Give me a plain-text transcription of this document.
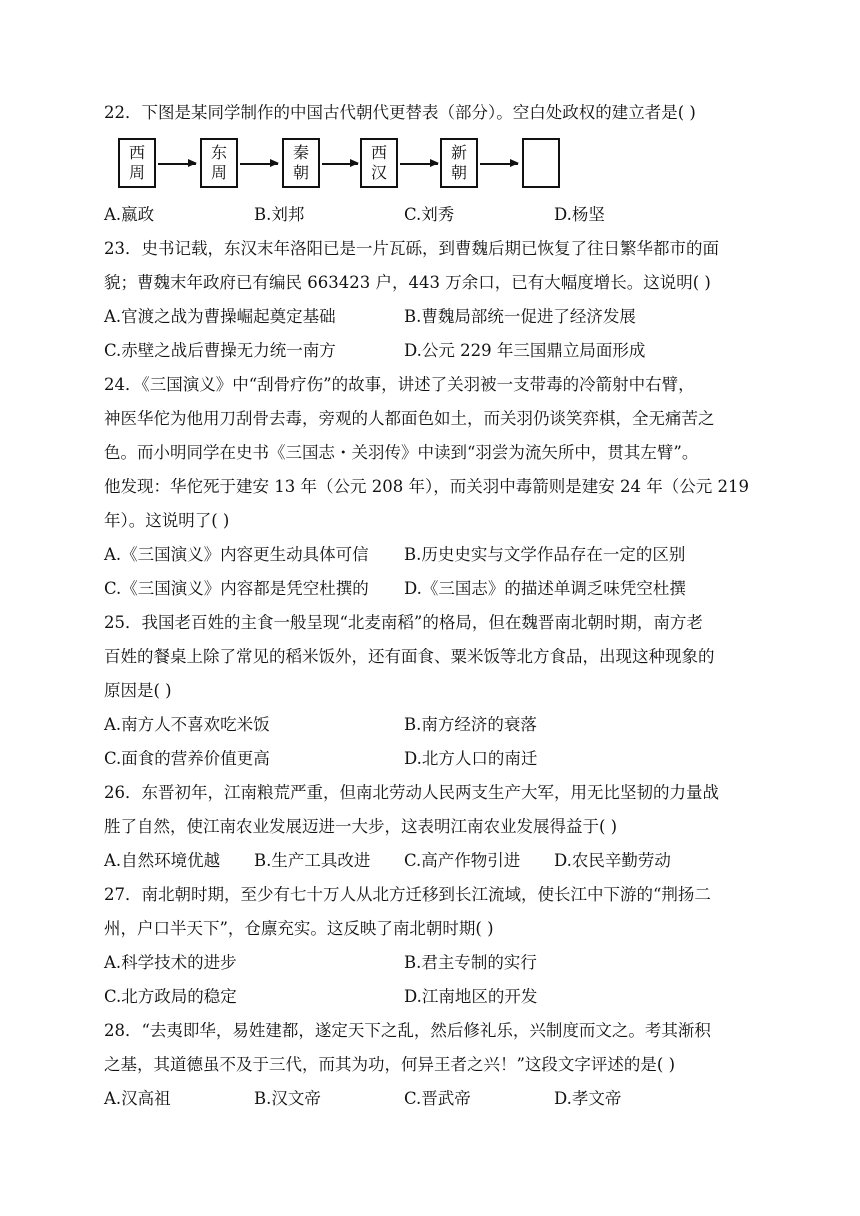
22．下图是某同学制作的中国古代朝代更替表（部分）。空白处政权的建立者是( )
西
周
东
周
秦
朝
西
汉
新
朝
A.嬴政	B.刘邦	C.刘秀	D.杨坚
23．史书记载，东汉末年洛阳已是一片瓦砾，到曹魏后期已恢复了往日繁华都市的面
貌；曹魏末年政府已有编民 663423 户，443 万余口，已有大幅度增长。这说明( )
A.官渡之战为曹操崛起奠定基础	B.曹魏局部统一促进了经济发展
C.赤壁之战后曹操无力统一南方	D.公元 229 年三国鼎立局面形成
24．《三国演义》中“刮骨疗伤”的故事，讲述了关羽被一支带毒的冷箭射中右臂，
神医华佗为他用刀刮骨去毒，旁观的人都面色如土，而关羽仍谈笑弈棋，全无痛苦之
色。而小明同学在史书《三国志・关羽传》中读到“羽尝为流矢所中，贯其左臂”。
他发现：华佗死于建安 13 年（公元 208 年），而关羽中毒箭则是建安 24 年（公元 219
年）。这说明了( )
A.《三国演义》内容更生动具体可信 B.历史史实与文学作品存在一定的区别
C.《三国演义》内容都是凭空杜撰的 D.《三国志》的描述单调乏味凭空杜撰
25．我国老百姓的主食一般呈现“北麦南稻”的格局，但在魏晋南北朝时期，南方老
百姓的餐桌上除了常见的稻米饭外，还有面食、粟米饭等北方食品，出现这种现象的
原因是( )
A.南方人不喜欢吃米饭	B.南方经济的衰落
C.面食的营养价值更高	D.北方人口的南迁
26．东晋初年，江南粮荒严重，但南北劳动人民两支生产大军，用无比坚韧的力量战
胜了自然，使江南农业发展迈进一大步，这表明江南农业发展得益于( )
A.自然环境优越 B.生产工具改进 C.高产作物引进 D.农民辛勤劳动
27．南北朝时期，至少有七十万人从北方迁移到长江流域，使长江中下游的“荆扬二
州，户口半天下”，仓廪充实。这反映了南北朝时期( )
A.科学技术的进步	B.君主专制的实行
C.北方政局的稳定	D.江南地区的开发
28．“去夷即华，易姓建都，遂定天下之乱，然后修礼乐，兴制度而文之。考其渐积
之基，其道德虽不及于三代，而其为功，何异王者之兴！”这段文字评述的是( )
A.汉高祖	B.汉文帝	C.晋武帝	D.孝文帝
